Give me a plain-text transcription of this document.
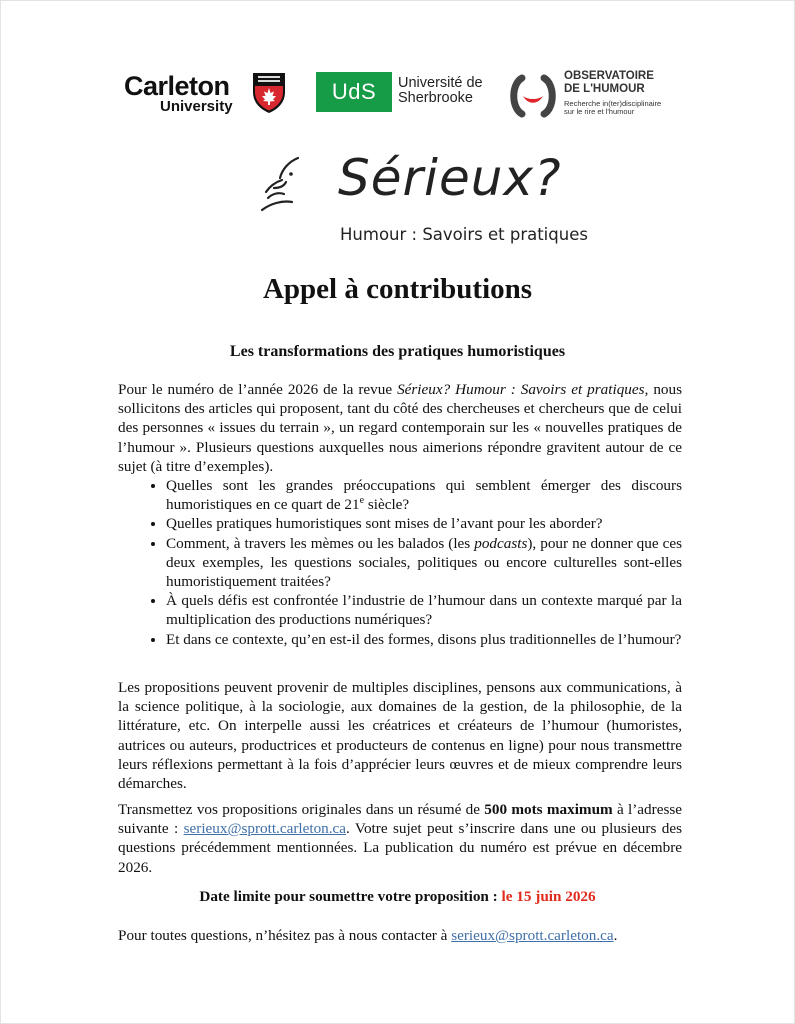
Carleton
University
UdS	Université de
Sherbrooke
OBSERVATOIRE
DE L'HUMOUR
Recherche in(ter)disciplinaire
sur le rire et l'humour
Sérieux?
Humour : Savoirs et pratiques
Appel à contributions
Les transformations des pratiques humoristiques
Pour le numéro de l’année 2026 de la revue Sérieux? Humour : Savoirs et pratiques, nous sollicitons des articles qui proposent, tant du côté des chercheuses et chercheurs que de celui des personnes « issues du terrain », un regard contemporain sur les « nouvelles pratiques de l’humour ». Plusieurs questions auxquelles nous aimerions répondre gravitent autour de ce sujet (à titre d’exemples).
• Quelles sont les grandes préoccupations qui semblent émerger des discours humoristiques en ce quart de 21e siècle?
• Quelles pratiques humoristiques sont mises de l’avant pour les aborder?
• Comment, à travers les mèmes ou les balados (les podcasts), pour ne donner que ces deux exemples, les questions sociales, politiques ou encore culturelles sont-elles humoristiquement traitées?
• À quels défis est confrontée l’industrie de l’humour dans un contexte marqué par la multiplication des productions numériques?
• Et dans ce contexte, qu’en est-il des formes, disons plus traditionnelles de l’humour?
Les propositions peuvent provenir de multiples disciplines, pensons aux communications, à la science politique, à la sociologie, aux domaines de la gestion, de la philosophie, de la littérature, etc. On interpelle aussi les créatrices et créateurs de l’humour (humoristes, autrices ou auteurs, productrices et producteurs de contenus en ligne) pour nous transmettre leurs réflexions permettant à la fois d’apprécier leurs œuvres et de mieux comprendre leurs démarches.
Transmettez vos propositions originales dans un résumé de 500 mots maximum à l’adresse suivante : serieux@sprott.carleton.ca. Votre sujet peut s’inscrire dans une ou plusieurs des questions précédemment mentionnées. La publication du numéro est prévue en décembre 2026.
Date limite pour soumettre votre proposition : le 15 juin 2026
Pour toutes questions, n’hésitez pas à nous contacter à serieux@sprott.carleton.ca.
